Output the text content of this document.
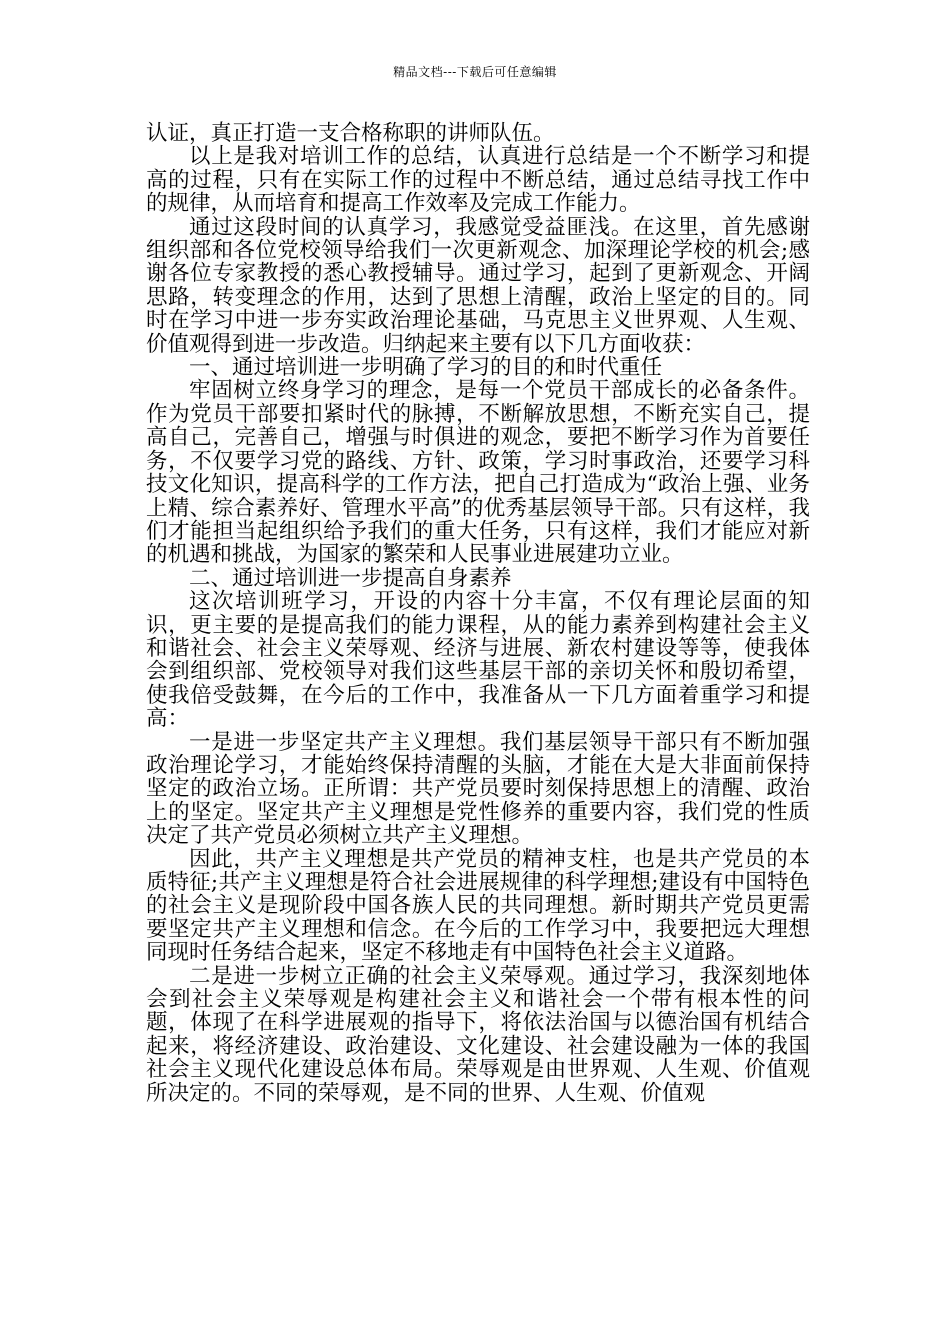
精品文档---下载后可任意编辑

认证，真正打造一支合格称职的讲师队伍。

以上是我对培训工作的总结，认真进行总结是一个不断学习和提高的过程，只有在实际工作的过程中不断总结，通过总结寻找工作中的规律，从而培育和提高工作效率及完成工作能力。

通过这段时间的认真学习，我感觉受益匪浅。在这里，首先感谢组织部和各位党校领导给我们一次更新观念、加深理论学校的机会;感谢各位专家教授的悉心教授辅导。通过学习，起到了更新观念、开阔思路，转变理念的作用，达到了思想上清醒，政治上坚定的目的。同时在学习中进一步夯实政治理论基础，马克思主义世界观、人生观、价值观得到进一步改造。归纳起来主要有以下几方面收获：

一、通过培训进一步明确了学习的目的和时代重任

牢固树立终身学习的理念，是每一个党员干部成长的必备条件。作为党员干部要扣紧时代的脉搏，不断解放思想，不断充实自己，提高自己，完善自己，增强与时俱进的观念，要把不断学习作为首要任务，不仅要学习党的路线、方针、政策，学习时事政治，还要学习科技文化知识，提高科学的工作方法，把自己打造成为“政治上强、业务上精、综合素养好、管理水平高”的优秀基层领导干部。只有这样，我们才能担当起组织给予我们的重大任务，只有这样，我们才能应对新的机遇和挑战，为国家的繁荣和人民事业进展建功立业。

二、通过培训进一步提高自身素养

这次培训班学习，开设的内容十分丰富，不仅有理论层面的知识，更主要的是提高我们的能力课程，从的能力素养到构建社会主义和谐社会、社会主义荣辱观、经济与进展、新农村建设等等，使我体会到组织部、党校领导对我们这些基层干部的亲切关怀和殷切希望，使我倍受鼓舞，在今后的工作中，我准备从一下几方面着重学习和提高：

一是进一步坚定共产主义理想。我们基层领导干部只有不断加强政治理论学习，才能始终保持清醒的头脑，才能在大是大非面前保持坚定的政治立场。正所谓：共产党员要时刻保持思想上的清醒、政治上的坚定。坚定共产主义理想是党性修养的重要内容，我们党的性质决定了共产党员必须树立共产主义理想。

因此，共产主义理想是共产党员的精神支柱，也是共产党员的本质特征;共产主义理想是符合社会进展规律的科学理想;建设有中国特色的社会主义是现阶段中国各族人民的共同理想。新时期共产党员更需要坚定共产主义理想和信念。在今后的工作学习中，我要把远大理想同现时任务结合起来，坚定不移地走有中国特色社会主义道路。

二是进一步树立正确的社会主义荣辱观。通过学习，我深刻地体会到社会主义荣辱观是构建社会主义和谐社会一个带有根本性的问题，体现了在科学进展观的指导下，将依法治国与以德治国有机结合起来，将经济建设、政治建设、文化建设、社会建设融为一体的我国社会主义现代化建设总体布局。荣辱观是由世界观、人生观、价值观所决定的。不同的荣辱观，是不同的世界、人生观、价值观
